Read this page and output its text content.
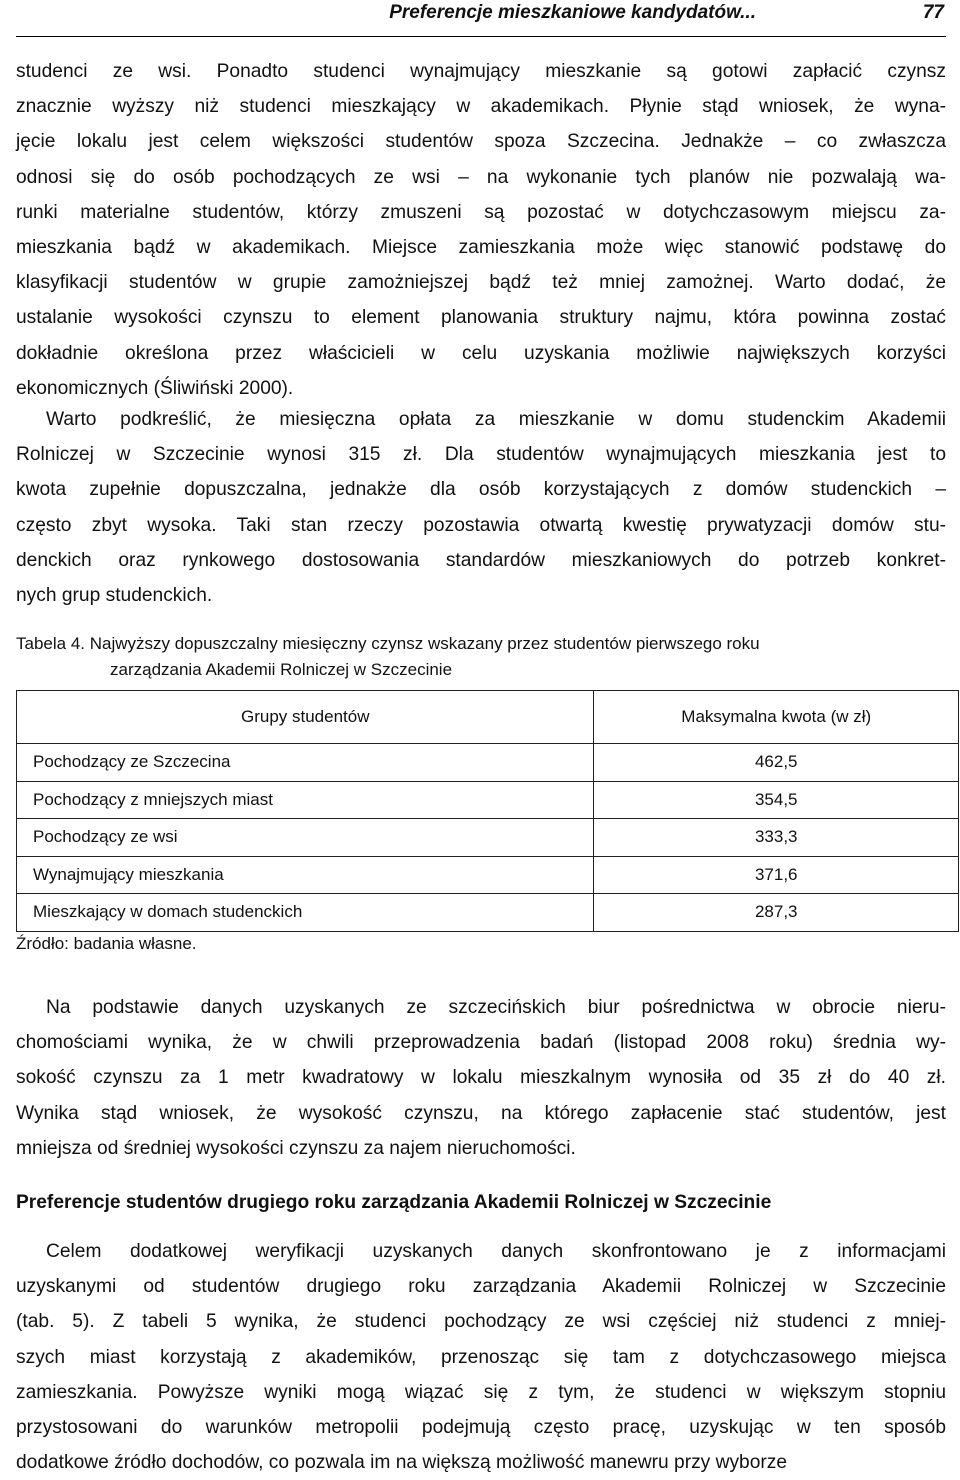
Preferencje mieszkaniowe kandydatów...	77
studenci ze wsi. Ponadto studenci wynajmujący mieszkanie są gotowi zapłacić czynsz
znacznie wyższy niż studenci mieszkający w akademikach. Płynie stąd wniosek, że wyna-
jęcie lokalu jest celem większości studentów spoza Szczecina. Jednakże – co zwłaszcza
odnosi się do osób pochodzących ze wsi – na wykonanie tych planów nie pozwalają wa-
runki materialne studentów, którzy zmuszeni są pozostać w dotychczasowym miejscu za-
mieszkania bądź w akademikach. Miejsce zamieszkania może więc stanowić podstawę do
klasyfikacji studentów w grupie zamożniejszej bądź też mniej zamożnej. Warto dodać, że
ustalanie wysokości czynszu to element planowania struktury najmu, która powinna zostać
dokładnie określona przez właścicieli w celu uzyskania możliwie największych korzyści
ekonomicznych (Śliwiński 2000).
Warto podkreślić, że miesięczna opłata za mieszkanie w domu studenckim Akademii
Rolniczej w Szczecinie wynosi 315 zł. Dla studentów wynajmujących mieszkania jest to
kwota zupełnie dopuszczalna, jednakże dla osób korzystających z domów studenckich –
często zbyt wysoka. Taki stan rzeczy pozostawia otwartą kwestię prywatyzacji domów stu-
denckich oraz rynkowego dostosowania standardów mieszkaniowych do potrzeb konkret-
nych grup studenckich.
Tabela 4. Najwyższy dopuszczalny miesięczny czynsz wskazany przez studentów pierwszego roku
zarządzania Akademii Rolniczej w Szczecinie
Grupy studentów	Maksymalna kwota (w zł)
Pochodzący ze Szczecina	462,5
Pochodzący z mniejszych miast	354,5
Pochodzący ze wsi	333,3
Wynajmujący mieszkania	371,6
Mieszkający w domach studenckich	287,3
Źródło: badania własne.
Na podstawie danych uzyskanych ze szczecińskich biur pośrednictwa w obrocie nieru-
chomościami wynika, że w chwili przeprowadzenia badań (listopad 2008 roku) średnia wy-
sokość czynszu za 1 metr kwadratowy w lokalu mieszkalnym wynosiła od 35 zł do 40 zł.
Wynika stąd wniosek, że wysokość czynszu, na którego zapłacenie stać studentów, jest
mniejsza od średniej wysokości czynszu za najem nieruchomości.
Preferencje studentów drugiego roku zarządzania Akademii Rolniczej w Szczecinie
Celem dodatkowej weryfikacji uzyskanych danych skonfrontowano je z informacjami
uzyskanymi od studentów drugiego roku zarządzania Akademii Rolniczej w Szczecinie
(tab. 5). Z tabeli 5 wynika, że studenci pochodzący ze wsi częściej niż studenci z mniej-
szych miast korzystają z akademików, przenosząc się tam z dotychczasowego miejsca
zamieszkania. Powyższe wyniki mogą wiązać się z tym, że studenci w większym stopniu
przystosowani do warunków metropolii podejmują często pracę, uzyskując w ten sposób
dodatkowe źródło dochodów, co pozwala im na większą możliwość manewru przy wyborze
